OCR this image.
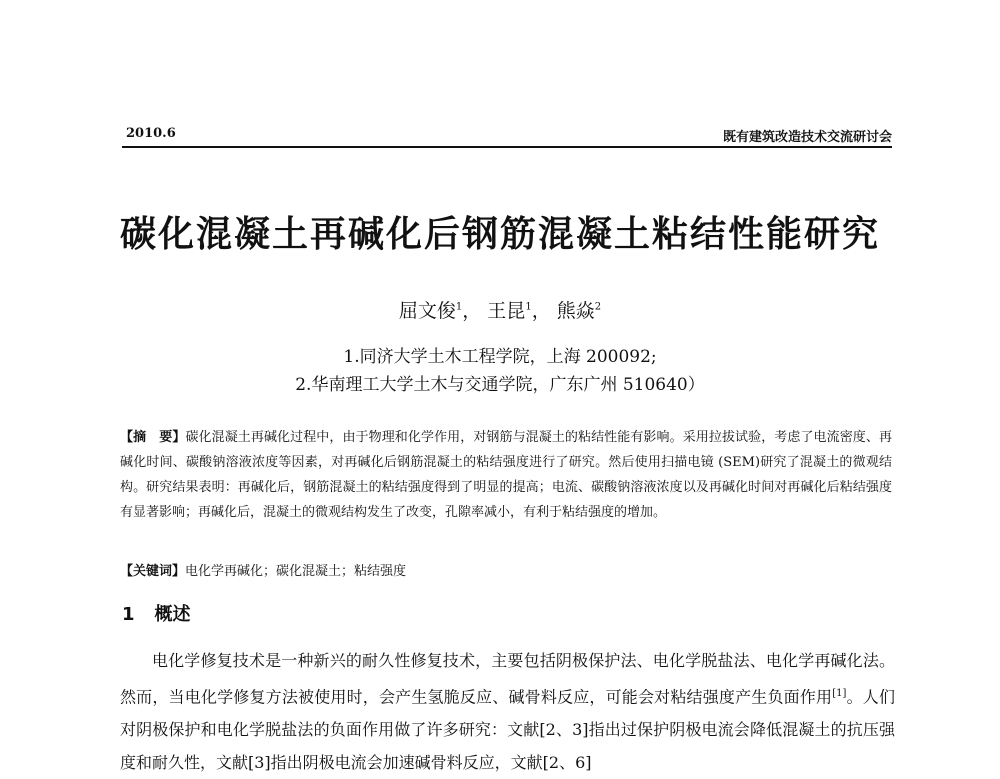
2010.6	既有建筑改造技术交流研讨会
碳化混凝土再碱化后钢筋混凝土粘结性能研究
屈文俊$^1$， 王昆$^1$， 熊焱$^2$
1.同济大学土木工程学院，上海 200092;
2.华南理工大学土木与交通学院，广东广州 510640）
【摘　要】碳化混凝土再碱化过程中，由于物理和化学作用，对钢筋与混凝土的粘结性能有影响。采用拉拔试验，考虑了电流密度、再碱化时间、碳酸钠溶液浓度等因素，对再碱化后钢筋混凝土的粘结强度进行了研究。然后使用扫描电镜 (SEM)研究了混凝土的微观结构。研究结果表明：再碱化后，钢筋混凝土的粘结强度得到了明显的提高；电流、碳酸钠溶液浓度以及再碱化时间对再碱化后粘结强度有显著影响；再碱化后，混凝土的微观结构发生了改变，孔隙率减小，有利于粘结强度的增加。
【关键词】电化学再碱化；碳化混凝土；粘结强度
1 概述
电化学修复技术是一种新兴的耐久性修复技术，主要包括阴极保护法、电化学脱盐法、电化学再碱化法。然而，当电化学修复方法被使用时，会产生氢脆反应、碱骨料反应，可能会对粘结强度产生负面作用[1]。人们对阴极保护和电化学脱盐法的负面作用做了许多研究：文献[2、3]指出过保护阴极电流会降低混凝土的抗压强度和耐久性，文献[3]指出阴极电流会加速碱骨料反应，文献[2、6]
